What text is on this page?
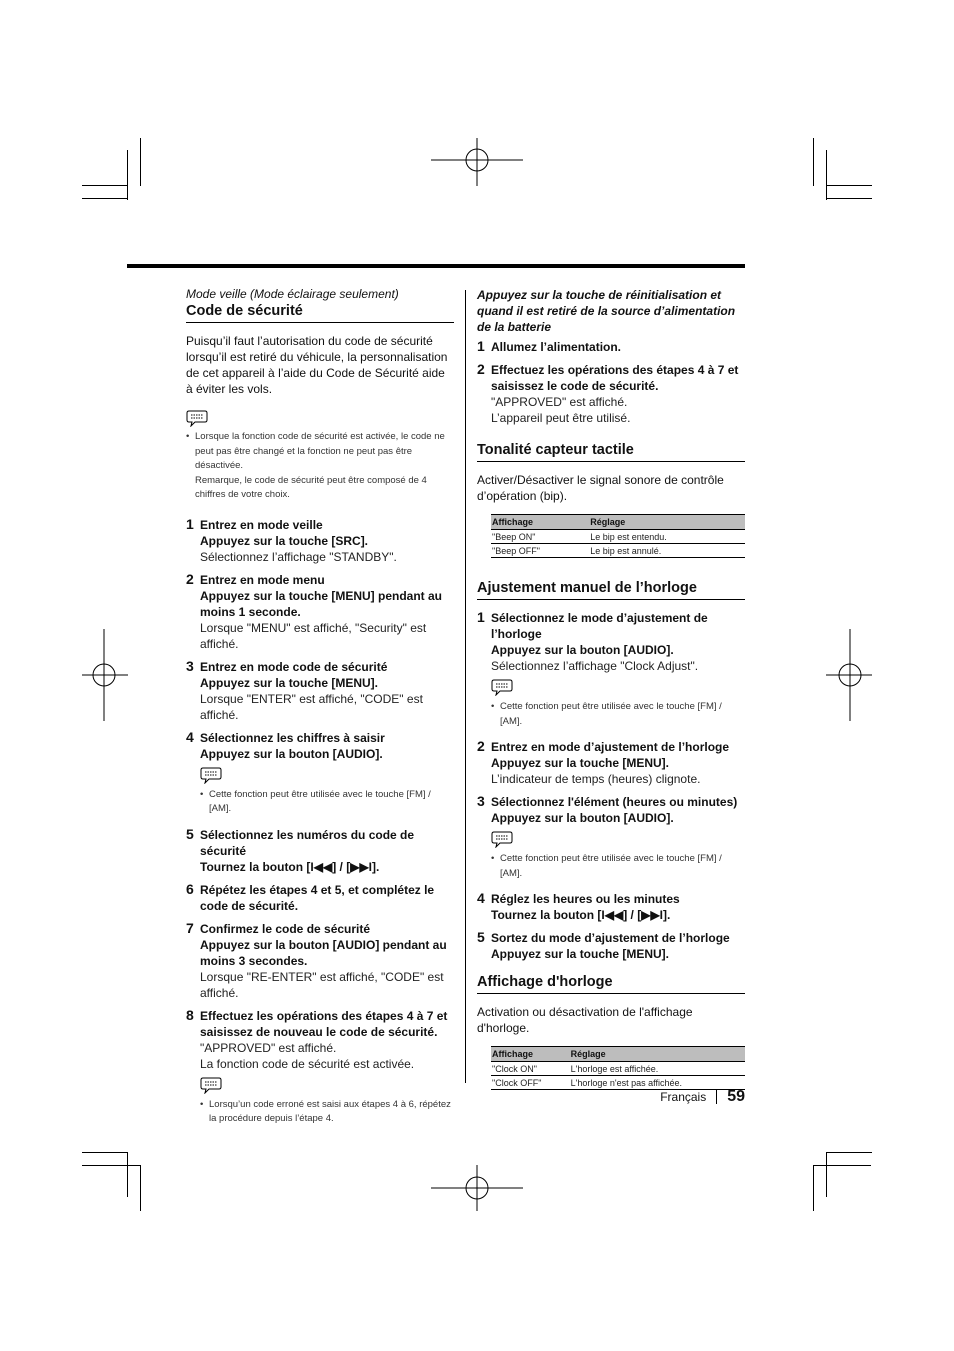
Mode veille (Mode éclairage seulement)
Code de sécurité

Puisqu’il faut l’autorisation du code de sécurité lorsqu’il est retiré du véhicule, la personnalisation de cet appareil à l’aide du Code de Sécurité aide à éviter les vols.

• Lorsque la fonction code de sécurité est activée, le code ne peut pas être changé et la fonction ne peut pas être désactivée.
Remarque, le code de sécurité peut être composé de 4 chiffres de votre choix.
1 Entrez en mode veille
Appuyez sur la touche [SRC].
Sélectionnez l’affichage "STANDBY".
2 Entrez en mode menu
Appuyez sur la touche [MENU] pendant au moins 1 seconde.
Lorsque "MENU" est affiché, "Security" est affiché.
3 Entrez en mode code de sécurité
Appuyez sur la touche [MENU].
Lorsque "ENTER" est affiché, "CODE" est affiché.
4 Sélectionnez les chiffres à saisir
Appuyez sur la bouton [AUDIO].
• Cette fonction peut être utilisée avec le touche [FM] / [AM].
5 Sélectionnez les numéros du code de sécurité
Tournez la bouton [I◀◀] / [▶▶I].
6 Répétez les étapes 4 et 5, et complétez le code de sécurité.
7 Confirmez le code de sécurité
Appuyez sur la bouton [AUDIO] pendant au moins 3 secondes.
Lorsque "RE-ENTER" est affiché, "CODE" est affiché.
8 Effectuez les opérations des étapes 4 à 7 et saisissez de nouveau le code de sécurité.
"APPROVED" est affiché.
La fonction code de sécurité est activée.
• Lorsqu’un code erroné est saisi aux étapes 4 à 6, répétez la procédure depuis l’étape 4.
Appuyez sur la touche de réinitialisation et quand il est retiré de la source d’alimentation de la batterie
1 Allumez l’alimentation.
2 Effectuez les opérations des étapes 4 à 7 et saisissez le code de sécurité.
"APPROVED" est affiché.
L’appareil peut être utilisé.
Tonalité capteur tactile

Activer/Désactiver le signal sonore de contrôle d’opération (bip).

Affichage	Réglage
"Beep ON"	Le bip est entendu.
"Beep OFF"	Le bip est annulé.
Ajustement manuel de l’horloge
1 Sélectionnez le mode d’ajustement de l’horloge
Appuyez sur la bouton [AUDIO].
Sélectionnez l’affichage "Clock Adjust".
• Cette fonction peut être utilisée avec le touche [FM] / [AM].
2 Entrez en mode d’ajustement de l’horloge
Appuyez sur la touche [MENU].
L’indicateur de temps (heures) clignote.
3 Sélectionnez l'élément (heures ou minutes)
Appuyez sur la bouton [AUDIO].
• Cette fonction peut être utilisée avec le touche [FM] / [AM].
4 Réglez les heures ou les minutes
Tournez la bouton [I◀◀] / [▶▶I].
5 Sortez du mode d’ajustement de l’horloge
Appuyez sur la touche [MENU].
Affichage d'horloge

Activation ou désactivation de l'affichage d'horloge.

Affichage	Réglage
"Clock ON"	L'horloge est affichée.
"Clock OFF"	L'horloge n'est pas affichée.
Français 59
